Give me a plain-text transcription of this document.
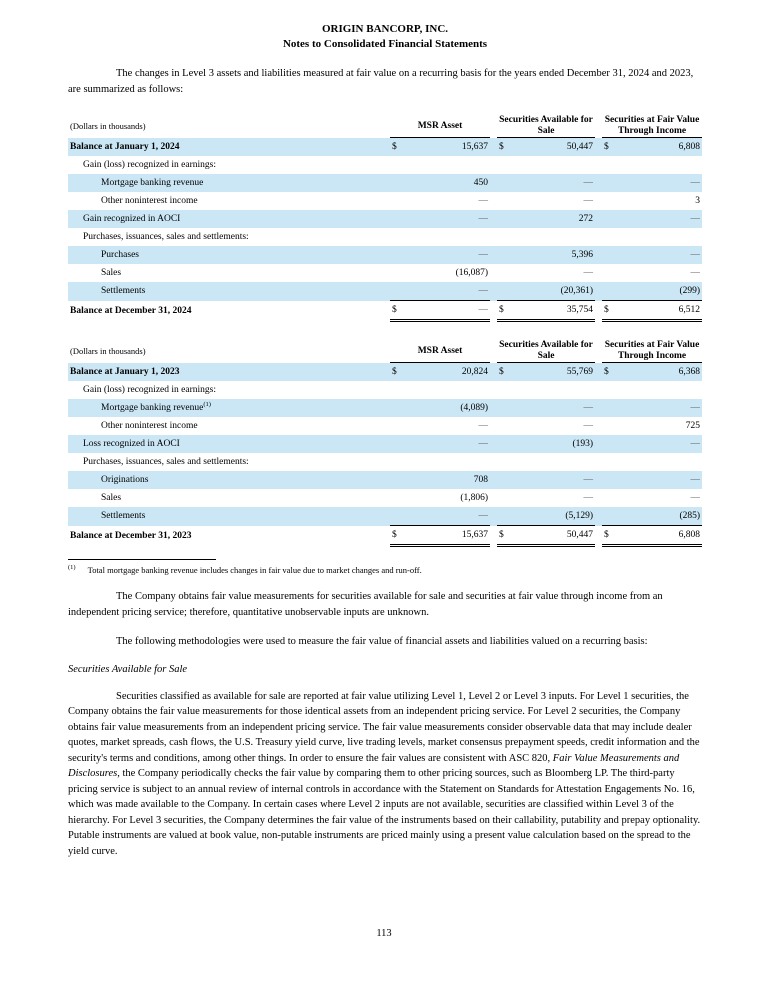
ORIGIN BANCORP, INC.
Notes to Consolidated Financial Statements

The changes in Level 3 assets and liabilities measured at fair value on a recurring basis for the years ended December 31, 2024 and 2023, are summarized as follows:

(Dollars in thousands)	MSR Asset			Securities Available for Sale			Securities at Fair Value Through Income	
Balance at January 1, 2024	$	15,637		$	50,447		$	6,808
Gain (loss) recognized in earnings:								
Mortgage banking revenue		450			—			—
Other noninterest income		—			—			3
Gain recognized in AOCI		—			272			—
Purchases, issuances, sales and settlements:								
Purchases		—			5,396			—
Sales		(16,087)			—			—
Settlements		—			(20,361)			(299)
Balance at December 31, 2024	$	—		$	35,754		$	6,512
(Dollars in thousands)	MSR Asset			Securities Available for Sale			Securities at Fair Value Through Income	
Balance at January 1, 2023	$	20,824		$	55,769		$	6,368
Gain (loss) recognized in earnings:								
Mortgage banking revenue$^{(1)}$		(4,089)			—			—
Other noninterest income		—			—			725
Loss recognized in AOCI		—			(193)			—
Purchases, issuances, sales and settlements:								
Originations		708			—			—
Sales		(1,806)			—			—
Settlements		—			(5,129)			(285)
Balance at December 31, 2023	$	15,637		$	50,447		$	6,808

$^{(1)}$ Total mortgage banking revenue includes changes in fair value due to market changes and run-off.

The Company obtains fair value measurements for securities available for sale and securities at fair value through income from an independent pricing service; therefore, quantitative unobservable inputs are unknown.

The following methodologies were used to measure the fair value of financial assets and liabilities valued on a recurring basis:

Securities Available for Sale

Securities classified as available for sale are reported at fair value utilizing Level 1, Level 2 or Level 3 inputs. For Level 1 securities, the Company obtains the fair value measurements for those identical assets from an independent pricing service. For Level 2 securities, the Company obtains fair value measurements from an independent pricing service. The fair value measurements consider observable data that may include dealer quotes, market spreads, cash flows, the U.S. Treasury yield curve, live trading levels, market consensus prepayment speeds, credit information and the security's terms and conditions, among other things. In order to ensure the fair values are consistent with ASC 820, Fair Value Measurements and Disclosures, the Company periodically checks the fair value by comparing them to other pricing sources, such as Bloomberg LP. The third-party pricing service is subject to an annual review of internal controls in accordance with the Statement on Standards for Attestation Engagements No. 16, which was made available to the Company. In certain cases where Level 2 inputs are not available, securities are classified within Level 3 of the hierarchy. For Level 3 securities, the Company determines the fair value of the instruments based on their callability, putability and prepay optionality. Putable instruments are valued at book value, non-putable instruments are priced mainly using a present value calculation based on the spread to the yield curve.

113
